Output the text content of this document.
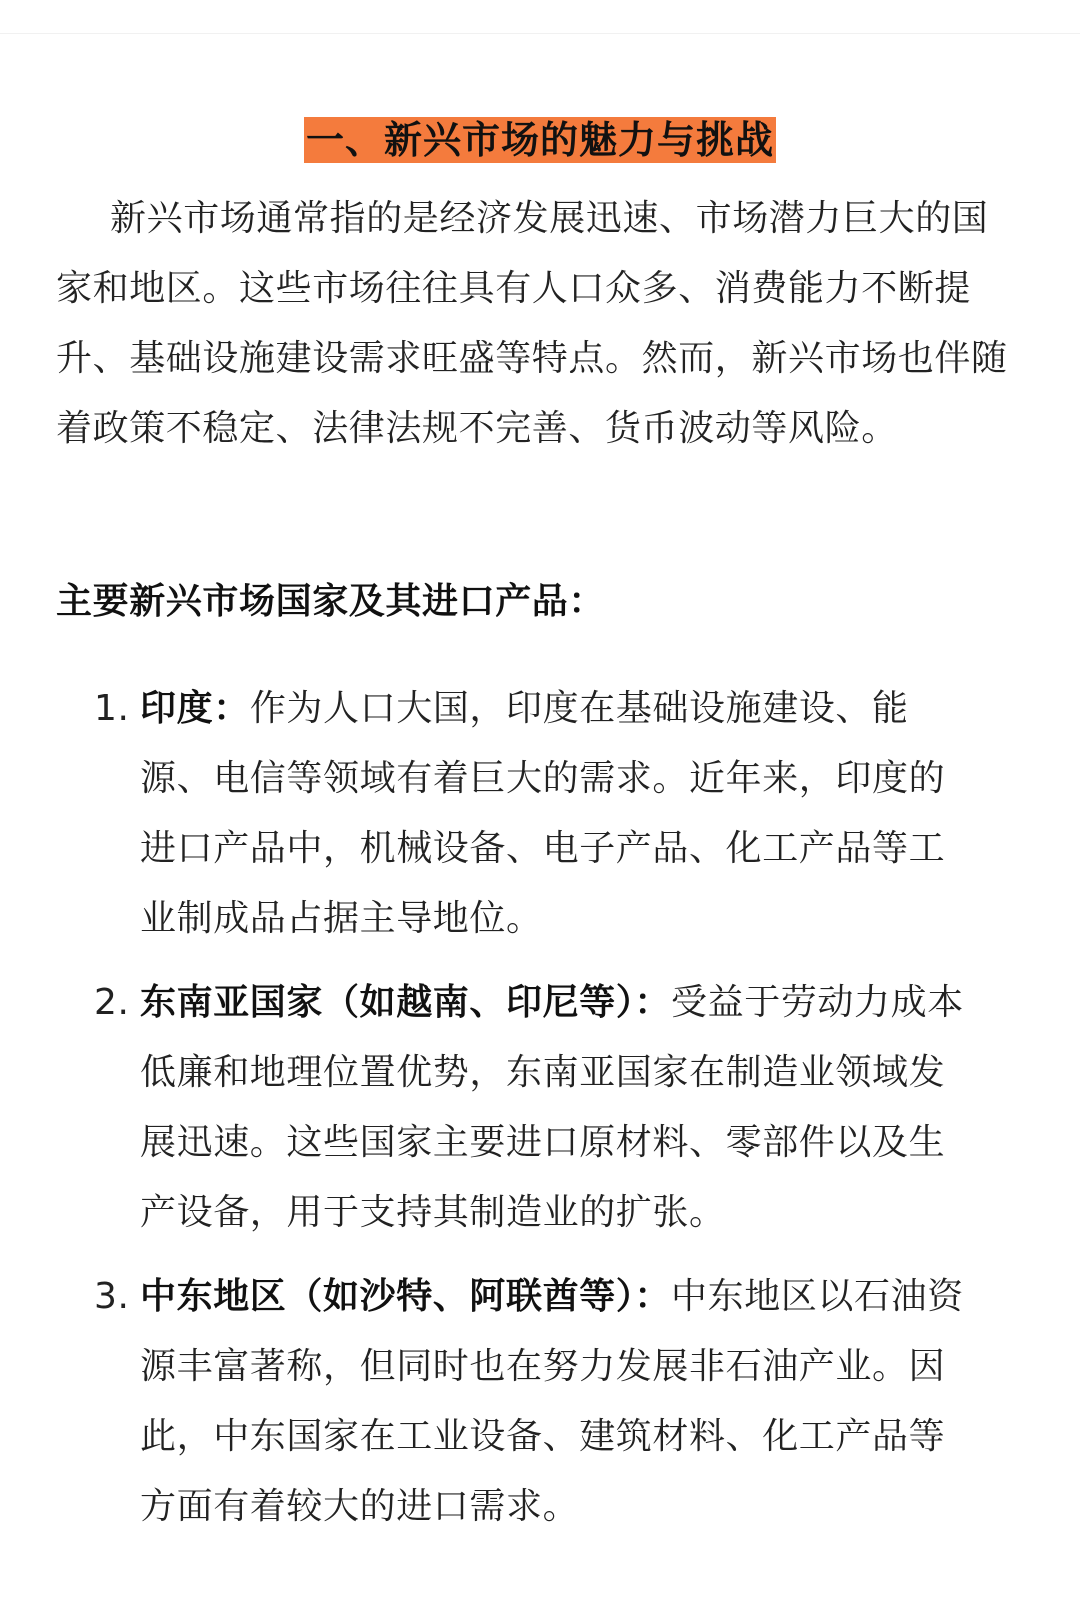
一、新兴市场的魅力与挑战

新兴市场通常指的是经济发展迅速、市场潜力巨大的国家和地区。这些市场往往具有人口众多、消费能力不断提升、基础设施建设需求旺盛等特点。然而，新兴市场也伴随着政策不稳定、法律法规不完善、货币波动等风险。

主要新兴市场国家及其进口产品：
1. 印度：作为人口大国，印度在基础设施建设、能源、电信等领域有着巨大的需求。近年来，印度的进口产品中，机械设备、电子产品、化工产品等工业制成品占据主导地位。
2. 东南亚国家（如越南、印尼等）：受益于劳动力成本低廉和地理位置优势，东南亚国家在制造业领域发展迅速。这些国家主要进口原材料、零部件以及生产设备，用于支持其制造业的扩张。
3. 中东地区（如沙特、阿联酋等）：中东地区以石油资源丰富著称，但同时也在努力发展非石油产业。因此，中东国家在工业设备、建筑材料、化工产品等方面有着较大的进口需求。
